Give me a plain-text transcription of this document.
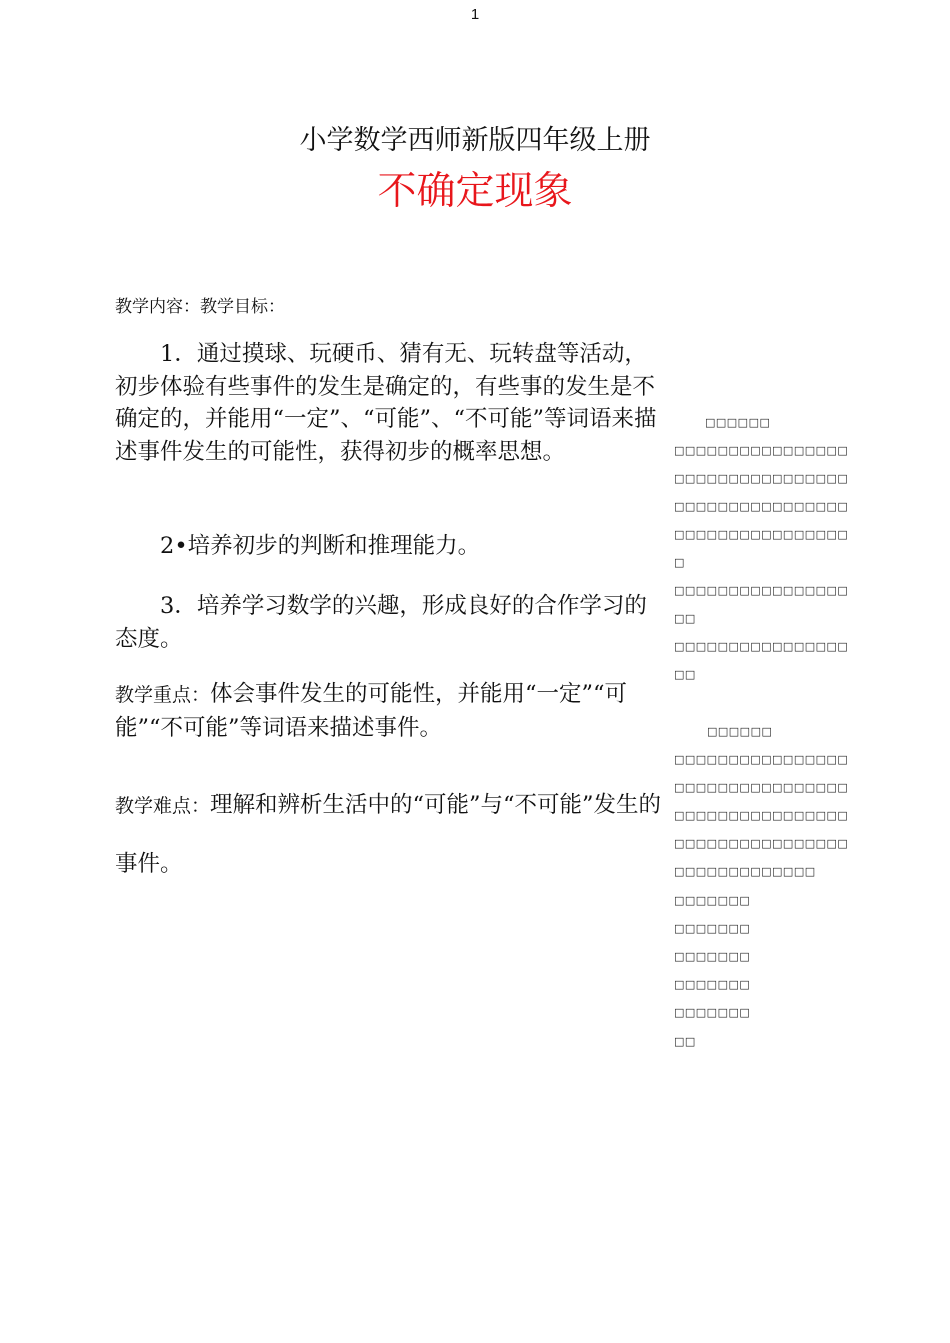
1
小学数学西师新版四年级上册
不确定现象
教学内容：教学目标：
1．通过摸球、玩硬币、猜有无、玩转盘等活动，初步体验有些事件的发生是确定的，有些事的发生是不确定的，并能用“一定”、“可能”、“不可能”等词语来描述事件发生的可能性，获得初步的概率思想。
2•培养初步的判断和推理能力。
3．培养学习数学的兴趣，形成良好的合作学习的态度。
教学重点：体会事件发生的可能性，并能用“一定”“可能”“不可能”等词语来描述事件。
教学难点：理解和辨析生活中的“可能”与“不可能”发生的事件。
□□□□□□
□□□□□□□□□□□□□□□□
□□□□□□□□□□□□□□□□
□□□□□□□□□□□□□□□□
□□□□□□□□□□□□□□□□
□
□□□□□□□□□□□□□□□□
□□
□□□□□□□□□□□□□□□□
□□
□□□□□□
□□□□□□□□□□□□□□□□
□□□□□□□□□□□□□□□□
□□□□□□□□□□□□□□□□
□□□□□□□□□□□□□□□□
□□□□□□□□□□□□□
□□□□□□□
□□□□□□□
□□□□□□□
□□□□□□□
□□□□□□□
□□
